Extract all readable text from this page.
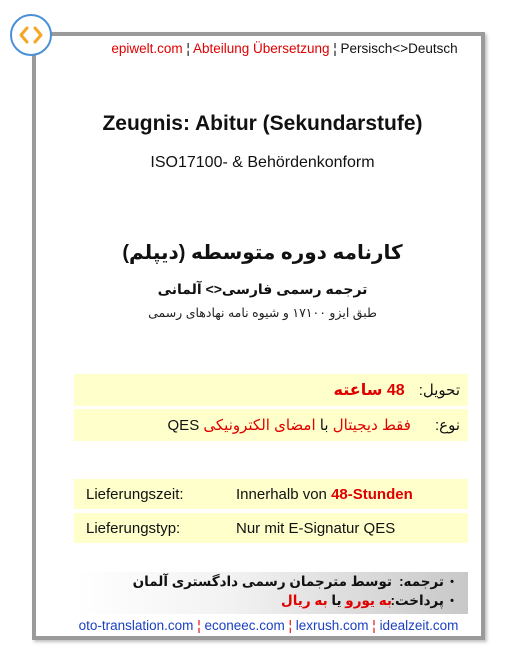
epiwelt.com ¦ Abteilung Übersetzung ¦ Persisch<>Deutsch
Zeugnis: Abitur (Sekundarstufe)
ISO17100- & Behördenkonform
کارنامه دوره متوسطه (دیپلم)
ترجمه رسمی فارسی<> آلمانی
طبق ایزو ۱۷۱۰۰ و شیوه نامه نهادهای رسمی
تحویل:
48 ساعته
نوع:
فقط دیجیتال با امضای الکترونیکی QES
Lieferungszeit:	Innerhalb von 48-Stunden
Lieferungstyp:	Nur mit E-Signatur QES
•
ترجمه:
توسط مترجمان رسمی دادگستری آلمان
•
پرداخت:
به یورو یا به ریال
oto-translation.com ¦ econeec.com ¦ lexrush.com ¦ idealzeit.com
